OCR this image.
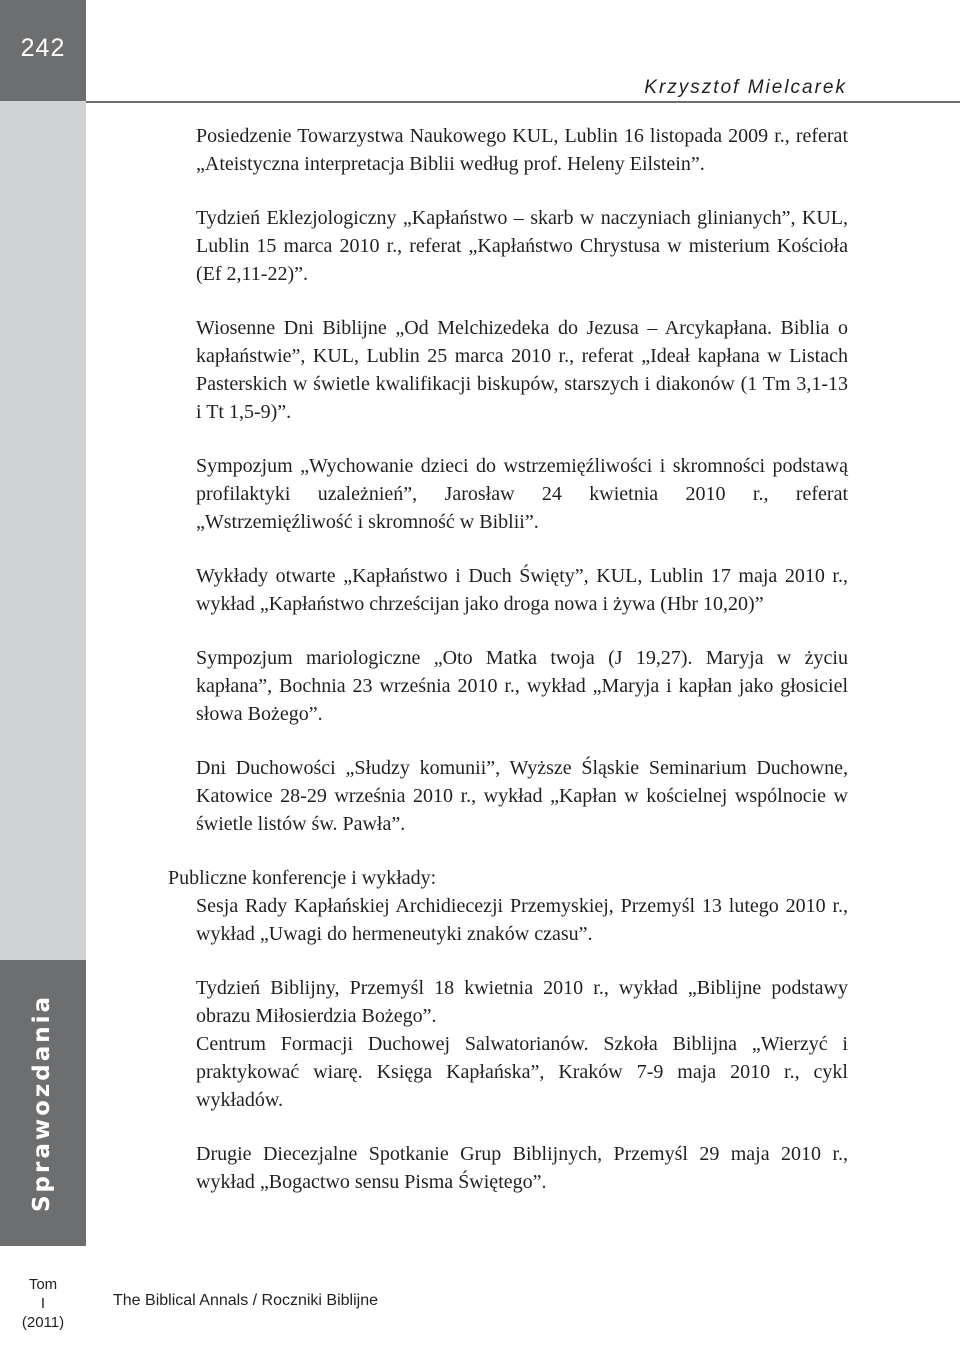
242
Sprawozdania
Krzysztof Mielcarek

Posiedzenie Towarzystwa Naukowego KUL, Lublin 16 listopada 2009 r., referat „Ateistyczna interpretacja Biblii według prof. Heleny Eilstein”.

Tydzień Eklezjologiczny „Kapłaństwo – skarb w naczyniach glinianych”, KUL, Lublin 15 marca 2010 r., referat „Kapłaństwo Chrystusa w misterium Kościoła (Ef 2,11-22)”.

Wiosenne Dni Biblijne „Od Melchizedeka do Jezusa – Arcykapłana. Biblia o kapłaństwie”, KUL, Lublin 25 marca 2010 r., referat „Ideał kapłana w Listach Pasterskich w świetle kwalifikacji biskupów, starszych i diakonów (1 Tm 3,1-13 i Tt 1,5-9)”.

Sympozjum „Wychowanie dzieci do wstrzemięźliwości i skromności podstawą profilaktyki uzależnień”, Jarosław 24 kwietnia 2010 r., referat „Wstrzemięźliwość i skromność w Biblii”.

Wykłady otwarte „Kapłaństwo i Duch Święty”, KUL, Lublin 17 maja 2010 r., wykład „Kapłaństwo chrześcijan jako droga nowa i żywa (Hbr 10,20)”

Sympozjum mariologiczne „Oto Matka twoja (J 19,27). Maryja w życiu kapłana”, Bochnia 23 września 2010 r., wykład „Maryja i kapłan jako głosiciel słowa Bożego”.

Dni Duchowości „Słudzy komunii”, Wyższe Śląskie Seminarium Duchowne, Katowice 28-29 września 2010 r., wykład „Kapłan w kościelnej wspólnocie w świetle listów św. Pawła”.

Publiczne konferencje i wykłady:

Sesja Rady Kapłańskiej Archidiecezji Przemyskiej, Przemyśl 13 lutego 2010 r., wykład „Uwagi do hermeneutyki znaków czasu”.

Tydzień Biblijny, Przemyśl 18 kwietnia 2010 r., wykład „Biblijne podstawy obrazu Miłosierdzia Bożego”.

Centrum Formacji Duchowej Salwatorianów. Szkoła Biblijna „Wierzyć i praktykować wiarę. Księga Kapłańska”, Kraków 7-9 maja 2010 r., cykl wykładów.

Drugie Diecezjalne Spotkanie Grup Biblijnych, Przemyśl 29 maja 2010 r., wykład „Bogactwo sensu Pisma Świętego”.

Tom
I
(2011)
The Biblical Annals / Roczniki Biblijne
